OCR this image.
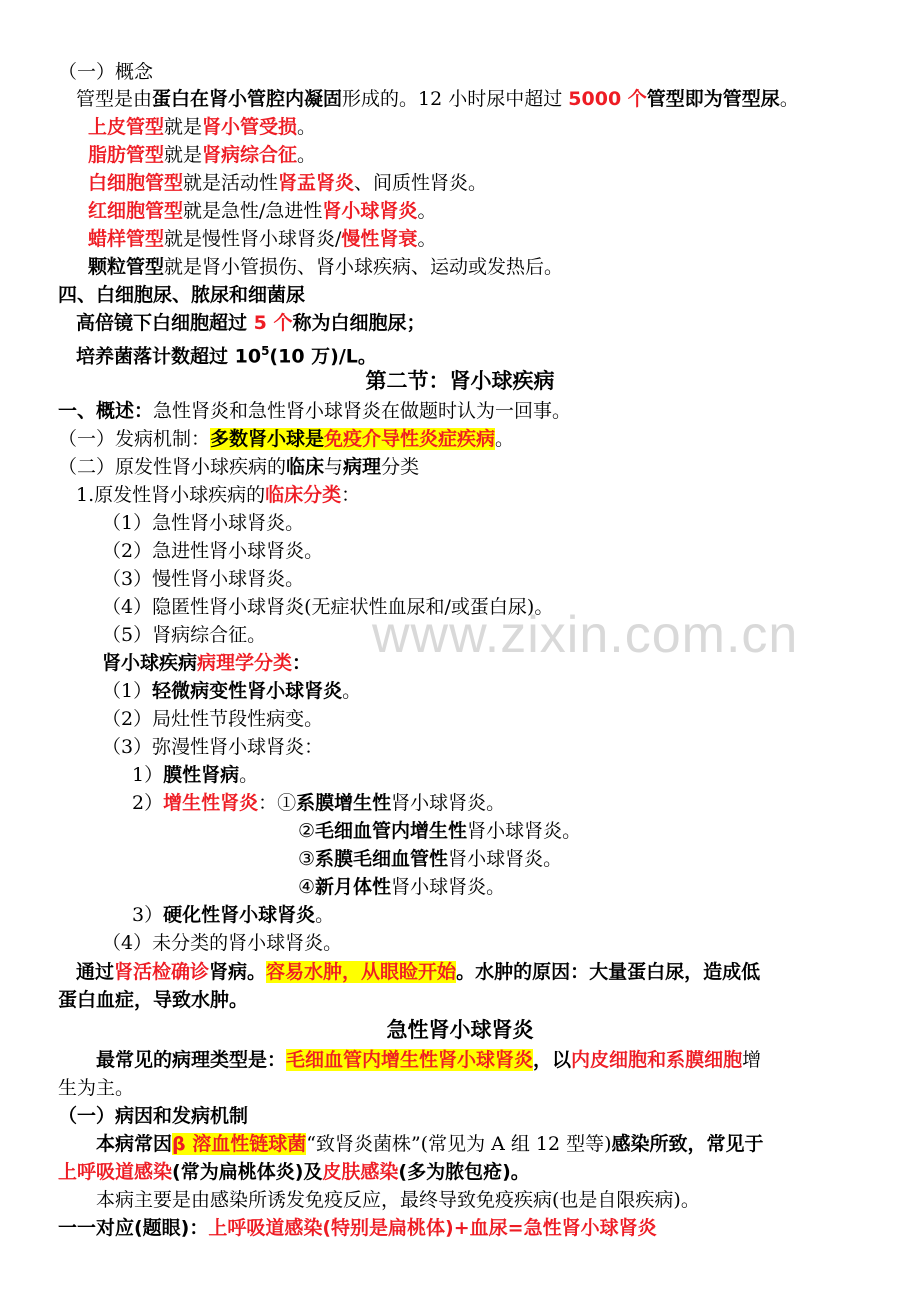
www.zixin.com.cn
（一）概念
管型是由蛋白在肾小管腔内凝固形成的。12 小时尿中超过 5000 个管型即为管型尿。
上皮管型就是肾小管受损。
脂肪管型就是肾病综合征。
白细胞管型就是活动性肾盂肾炎、间质性肾炎。
红细胞管型就是急性/急进性肾小球肾炎。
蜡样管型就是慢性肾小球肾炎/慢性肾衰。
颗粒管型就是肾小管损伤、肾小球疾病、运动或发热后。
四、白细胞尿、脓尿和细菌尿
高倍镜下白细胞超过 5 个称为白细胞尿；
培养菌落计数超过 $10^5(10$ 万)/L。
第二节：肾小球疾病
一、概述：急性肾炎和急性肾小球肾炎在做题时认为一回事。
（一）发病机制：多数肾小球是免疫介导性炎症疾病。
（二）原发性肾小球疾病的临床与病理分类
1.原发性肾小球疾病的临床分类：
（1）急性肾小球肾炎。
（2）急进性肾小球肾炎。
（3）慢性肾小球肾炎。
（4）隐匿性肾小球肾炎(无症状性血尿和/或蛋白尿)。
（5）肾病综合征。
肾小球疾病病理学分类：
（1）轻微病变性肾小球肾炎。
（2）局灶性节段性病变。
（3）弥漫性肾小球肾炎：
1）膜性肾病。
2）增生性肾炎：①系膜增生性肾小球肾炎。
②毛细血管内增生性肾小球肾炎。
③系膜毛细血管性肾小球肾炎。
④新月体性肾小球肾炎。
3）硬化性肾小球肾炎。
（4）未分类的肾小球肾炎。
通过肾活检确诊肾病。容易水肿，从眼睑开始。水肿的原因：大量蛋白尿，造成低
蛋白血症，导致水肿。
急性肾小球肾炎
最常见的病理类型是：毛细血管内增生性肾小球肾炎，以内皮细胞和系膜细胞增
生为主。
（一）病因和发病机制
本病常因β 溶血性链球菌“致肾炎菌株”(常见为 A 组 12 型等)感染所致，常见于
上呼吸道感染(常为扁桃体炎)及皮肤感染(多为脓包疮)。
本病主要是由感染所诱发免疫反应，最终导致免疫疾病(也是自限疾病)。
一一对应(题眼)：上呼吸道感染(特别是扁桃体)+血尿=急性肾小球肾炎
